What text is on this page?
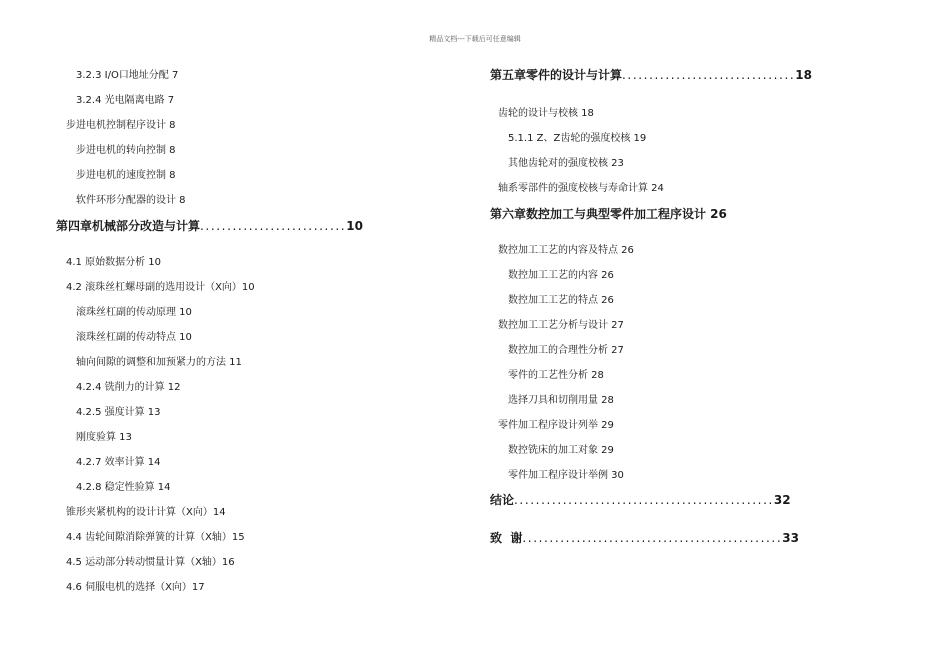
精品文档---下载后可任意编辑
3.2.3 I/O口地址分配 7
3.2.4 光电隔离电路 7
步进电机控制程序设计 8
步进电机的转向控制 8
步进电机的速度控制 8
软件环形分配器的设计 8
第四章机械部分改造与计算...........................10
4.1 原始数据分析 10
4.2 滚珠丝杠螺母副的选用设计（X向）10
滚珠丝杠副的传动原理 10
滚珠丝杠副的传动特点 10
轴向间隙的调整和加预紧力的方法 11
4.2.4 铣削力的计算 12
4.2.5 强度计算 13
刚度验算 13
4.2.7 效率计算 14
4.2.8 稳定性验算 14
锥形夹紧机构的设计计算（X向）14
4.4 齿轮间隙消除弹簧的计算（X轴）15
4.5 运动部分转动惯量计算（X轴）16
4.6 伺服电机的选择（X向）17
第五章零件的设计与计算................................18
齿轮的设计与校核 18
5.1.1 Z、Z齿轮的强度校核 19
其他齿轮对的强度校核 23
轴系零部件的强度校核与寿命计算 24
第六章数控加工与典型零件加工程序设计 26
数控加工工艺的内容及特点 26
数控加工工艺的内容 26
数控加工工艺的特点 26
数控加工工艺分析与设计 27
数控加工的合理性分析 27
零件的工艺性分析 28
选择刀具和切削用量 28
零件加工程序设计列举 29
数控铣床的加工对象 29
零件加工程序设计举例 30
结论................................................32
致  谢................................................33
